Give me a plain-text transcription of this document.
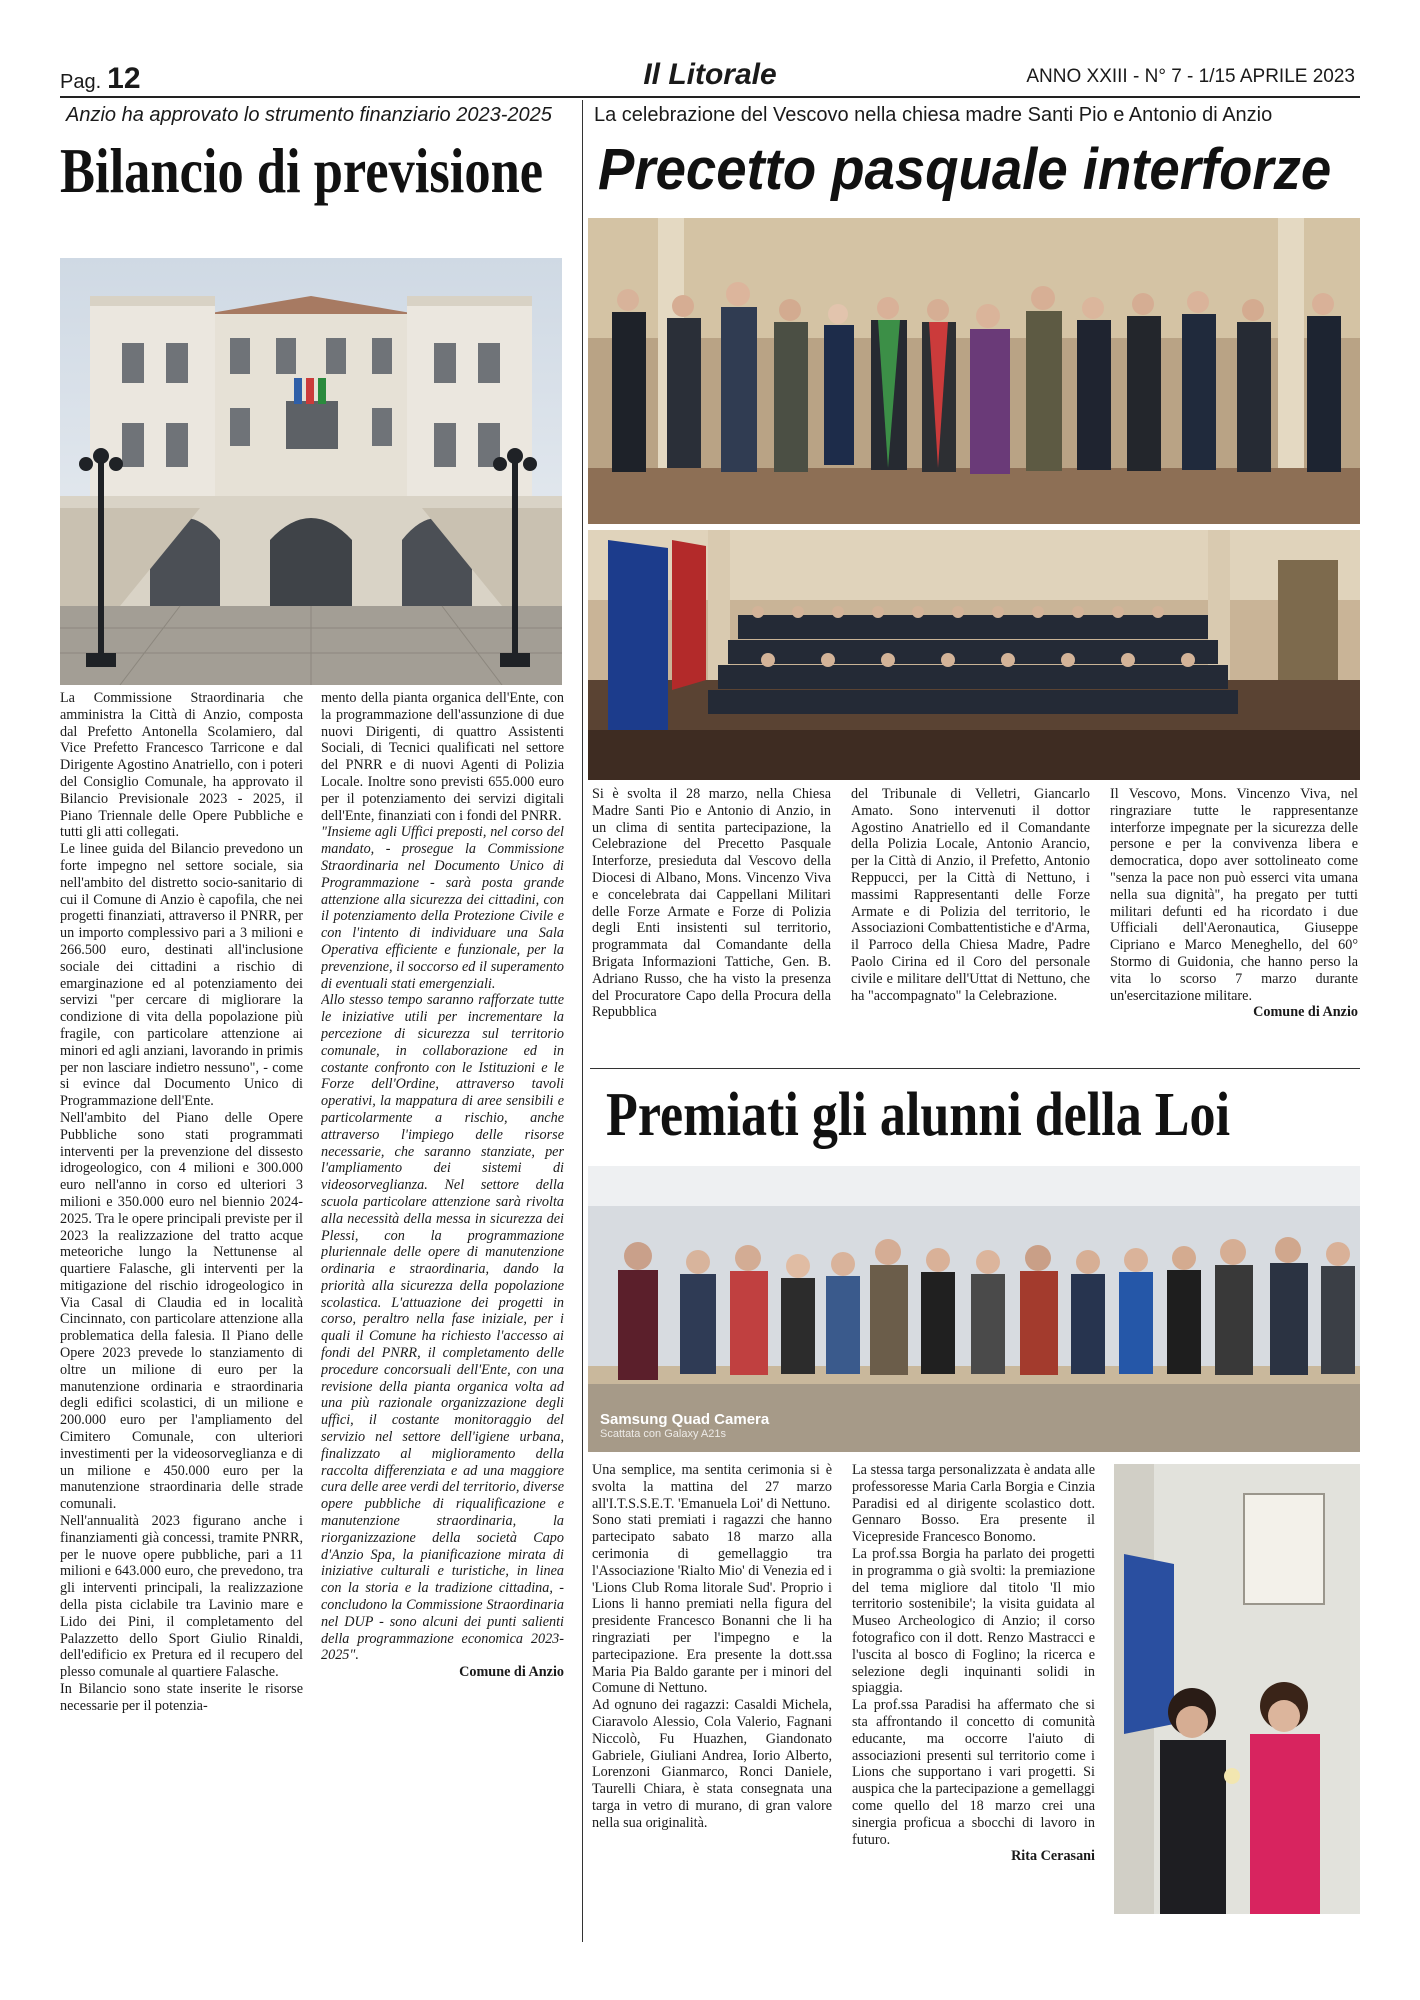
Pag. 12	Il Litorale	ANNO XXIII - N° 7 - 1/15 APRILE 2023
Anzio ha approvato lo strumento finanziario 2023-2025
Bilancio di previsione

La Commissione Straordinaria che amministra la Città di Anzio, composta dal Prefetto Antonella Scolamiero, dal Vice Prefetto Francesco Tarricone e dal Dirigente Agostino Anatriello, con i poteri del Consiglio Comunale, ha approvato il Bilancio Previsionale 2023 - 2025, il Piano Triennale delle Opere Pubbliche e tutti gli atti collegati.

Le linee guida del Bilancio prevedono un forte impegno nel settore sociale, sia nell'ambito del distretto socio-sanitario di cui il Comune di Anzio è capofila, che nei progetti finanziati, attraverso il PNRR, per un importo complessivo pari a 3 milioni e 266.500 euro, destinati all'inclusione sociale dei cittadini a rischio di emarginazione ed al potenziamento dei servizi "per cercare di migliorare la condizione di vita della popolazione più fragile, con particolare attenzione ai minori ed agli anziani, lavorando in primis per non lasciare indietro nessuno", - come si evince dal Documento Unico di Programmazione dell'Ente.

Nell'ambito del Piano delle Opere Pubbliche sono stati programmati interventi per la prevenzione del dissesto idrogeologico, con 4 milioni e 300.000 euro nell'anno in corso ed ulteriori 3 milioni e 350.000 euro nel biennio 2024-2025. Tra le opere principali previste per il 2023 la realizzazione del tratto acque meteoriche lungo la Nettunense al quartiere Falasche, gli interventi per la mitigazione del rischio idrogeologico in Via Casal di Claudia ed in località Cincinnato, con particolare attenzione alla problematica della falesia. Il Piano delle Opere 2023 prevede lo stanziamento di oltre un milione di euro per la manutenzione ordinaria e straordinaria degli edifici scolastici, di un milione e 200.000 euro per l'ampliamento del Cimitero Comunale, con ulteriori investimenti per la videosorveglianza e di un milione e 450.000 euro per la manutenzione straordinaria delle strade comunali.

Nell'annualità 2023 figurano anche i finanziamenti già concessi, tramite PNRR, per le nuove opere pubbliche, pari a 11 milioni e 643.000 euro, che prevedono, tra gli interventi principali, la realizzazione della pista ciclabile tra Lavinio mare e Lido dei Pini, il completamento del Palazzetto dello Sport Giulio Rinaldi, dell'edificio ex Pretura ed il recupero del plesso comunale al quartiere Falasche.

In Bilancio sono state inserite le risorse necessarie per il potenzia-

mento della pianta organica dell'Ente, con la programmazione dell'assunzione di due nuovi Dirigenti, di quattro Assistenti Sociali, di Tecnici qualificati nel settore del PNRR e di nuovi Agenti di Polizia Locale. Inoltre sono previsti 655.000 euro per il potenziamento dei servizi digitali dell'Ente, finanziati con i fondi del PNRR.

"Insieme agli Uffici preposti, nel corso del mandato, - prosegue la Commissione Straordinaria nel Documento Unico di Programmazione - sarà posta grande attenzione alla sicurezza dei cittadini, con il potenziamento della Protezione Civile e con l'intento di individuare una Sala Operativa efficiente e funzionale, per la prevenzione, il soccorso ed il superamento di eventuali stati emergenziali.

Allo stesso tempo saranno rafforzate tutte le iniziative utili per incrementare la percezione di sicurezza sul territorio comunale, in collaborazione ed in costante confronto con le Istituzioni e le Forze dell'Ordine, attraverso tavoli operativi, la mappatura di aree sensibili e particolarmente a rischio, anche attraverso l'impiego delle risorse necessarie, che saranno stanziate, per l'ampliamento dei sistemi di videosorveglianza. Nel settore della scuola particolare attenzione sarà rivolta alla necessità della messa in sicurezza dei Plessi, con la programmazione pluriennale delle opere di manutenzione ordinaria e straordinaria, dando la priorità alla sicurezza della popolazione scolastica. L'attuazione dei progetti in corso, peraltro nella fase iniziale, per i quali il Comune ha richiesto l'accesso ai fondi del PNRR, il completamento delle procedure concorsuali dell'Ente, con una revisione della pianta organica volta ad una più razionale organizzazione degli uffici, il costante monitoraggio del servizio nel settore dell'igiene urbana, finalizzato al miglioramento della raccolta differenziata e ad una maggiore cura delle aree verdi del territorio, diverse opere pubbliche di riqualificazione e manutenzione straordinaria, la riorganizzazione della società Capo d'Anzio Spa, la pianificazione mirata di iniziative culturali e turistiche, in linea con la storia e la tradizione cittadina, - concludono la Commissione Straordinaria nel DUP - sono alcuni dei punti salienti della programmazione economica 2023-2025".

Comune di Anzio

La celebrazione del Vescovo nella chiesa madre Santi Pio e Antonio di Anzio
Precetto pasquale interforze

Si è svolta il 28 marzo, nella Chiesa Madre Santi Pio e Antonio di Anzio, in un clima di sentita partecipazione, la Celebrazione del Precetto Pasquale Interforze, presieduta dal Vescovo della Diocesi di Albano, Mons. Vincenzo Viva e concelebrata dai Cappellani Militari delle Forze Armate e Forze di Polizia degli Enti insistenti sul territorio, programmata dal Comandante della Brigata Informazioni Tattiche, Gen. B. Adriano Russo, che ha visto la presenza del Procuratore Capo della Procura della Repubblica

del Tribunale di Velletri, Giancarlo Amato. Sono intervenuti il dottor Agostino Anatriello ed il Comandante della Polizia Locale, Antonio Arancio, per la Città di Anzio, il Prefetto, Antonio Reppucci, per la Città di Nettuno, i massimi Rappresentanti delle Forze Armate e di Polizia del territorio, le Associazioni Combattentistiche e d'Arma, il Parroco della Chiesa Madre, Padre Paolo Cirina ed il Coro del personale civile e militare dell'Uttat di Nettuno, che ha "accompagnato" la Celebrazione.

Il Vescovo, Mons. Vincenzo Viva, nel ringraziare tutte le rappresentanze interforze impegnate per la sicurezza delle persone e per la convivenza libera e democratica, dopo aver sottolineato come "senza la pace non può esserci vita umana nella sua dignità", ha pregato per tutti militari defunti ed ha ricordato i due Ufficiali dell'Aeronautica, Giuseppe Cipriano e Marco Meneghello, del 60° Stormo di Guidonia, che hanno perso la vita lo scorso 7 marzo durante un'esercitazione militare.

Comune di Anzio

Premiati gli alunni della Loi
Samsung Quad Camera
Scattata con Galaxy A21s

Una semplice, ma sentita cerimonia si è svolta la mattina del 27 marzo all'I.T.S.S.E.T. 'Emanuela Loi' di Nettuno.

Sono stati premiati i ragazzi che hanno partecipato sabato 18 marzo alla cerimonia di gemellaggio tra l'Associazione 'Rialto Mio' di Venezia ed i 'Lions Club Roma litorale Sud'. Proprio i Lions li hanno premiati nella figura del presidente Francesco Bonanni che li ha ringraziati per l'impegno e la partecipazione. Era presente la dott.ssa Maria Pia Baldo garante per i minori del Comune di Nettuno.

Ad ognuno dei ragazzi: Casaldi Michela, Ciaravolo Alessio, Cola Valerio, Fagnani Niccolò, Fu Huazhen, Giandonato Gabriele, Giuliani Andrea, Iorio Alberto, Lorenzoni Gianmarco, Ronci Daniele, Taurelli Chiara, è stata consegnata una targa in vetro di murano, di gran valore nella sua originalità.

La stessa targa personalizzata è andata alle professoresse Maria Carla Borgia e Cinzia Paradisi ed al dirigente scolastico dott. Gennaro Bosso. Era presente il Vicepreside Francesco Bonomo.

La prof.ssa Borgia ha parlato dei progetti in programma o già svolti: la premiazione del tema migliore dal titolo 'Il mio territorio sostenibile'; la visita guidata al Museo Archeologico di Anzio; il corso fotografico con il dott. Renzo Mastracci e l'uscita al bosco di Foglino; la ricerca e selezione degli inquinanti solidi in spiaggia.

La prof.ssa Paradisi ha affermato che si sta affrontando il concetto di comunità educante, ma occorre l'aiuto di associazioni presenti sul territorio come i Lions che supportano i vari progetti. Si auspica che la partecipazione a gemellaggi come quello del 18 marzo crei una sinergia proficua a sbocchi di lavoro in futuro.

Rita Cerasani
